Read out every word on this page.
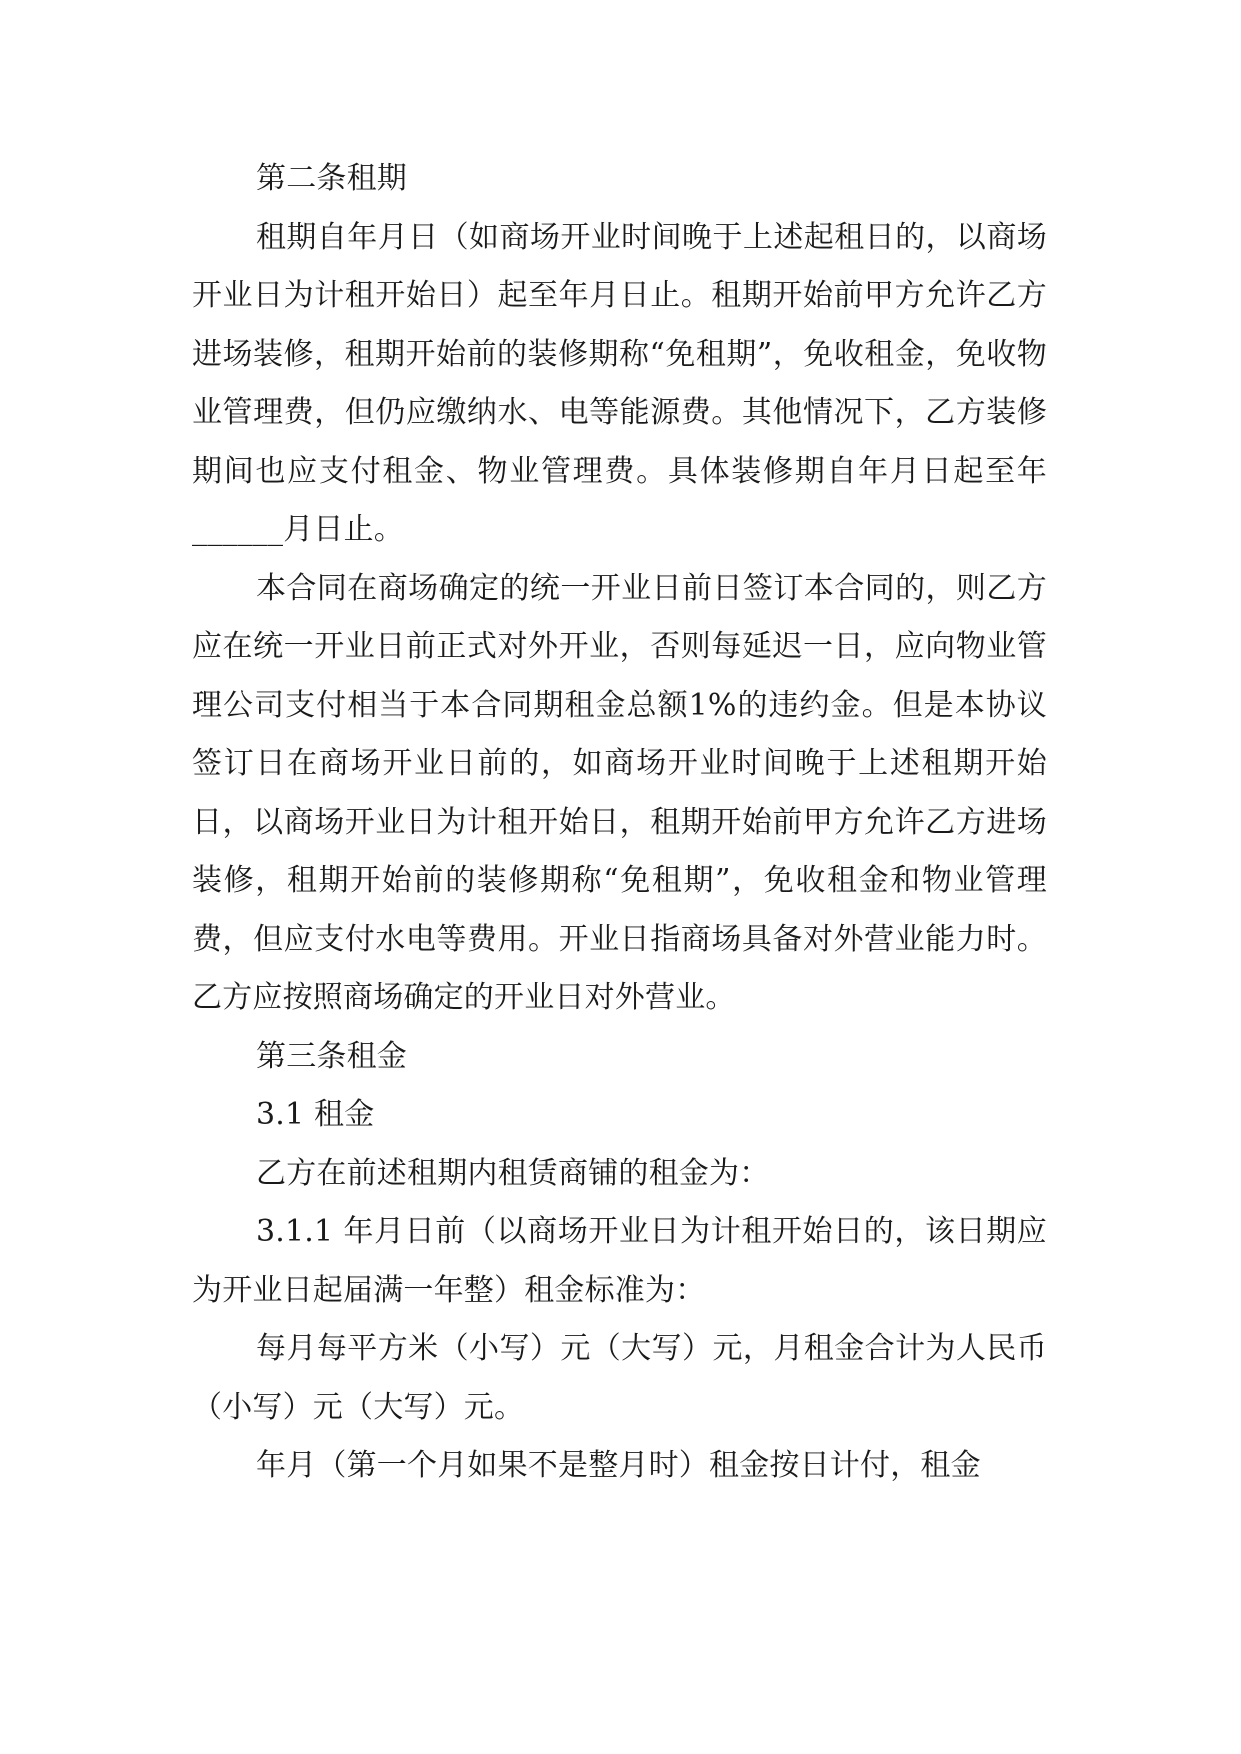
第二条租期

租期自年月日（如商场开业时间晚于上述起租日的，以商场开业日为计租开始日）起至年月日止。租期开始前甲方允许乙方进场装修，租期开始前的装修期称“免租期”，免收租金，免收物业管理费，但仍应缴纳水、电等能源费。其他情况下，乙方装修期间也应支付租金、物业管理费。具体装修期自年月日起至年______月日止。

本合同在商场确定的统一开业日前日签订本合同的，则乙方应在统一开业日前正式对外开业，否则每延迟一日，应向物业管理公司支付相当于本合同期租金总额1%的违约金。但是本协议签订日在商场开业日前的，如商场开业时间晚于上述租期开始日，以商场开业日为计租开始日，租期开始前甲方允许乙方进场装修，租期开始前的装修期称“免租期”，免收租金和物业管理费，但应支付水电等费用。开业日指商场具备对外营业能力时。乙方应按照商场确定的开业日对外营业。

第三条租金

3.1 租金

乙方在前述租期内租赁商铺的租金为：

3.1.1 年月日前（以商场开业日为计租开始日的，该日期应为开业日起届满一年整）租金标准为：

每月每平方米（小写）元（大写）元，月租金合计为人民币（小写）元（大写）元。

年月（第一个月如果不是整月时）租金按日计付，租金
